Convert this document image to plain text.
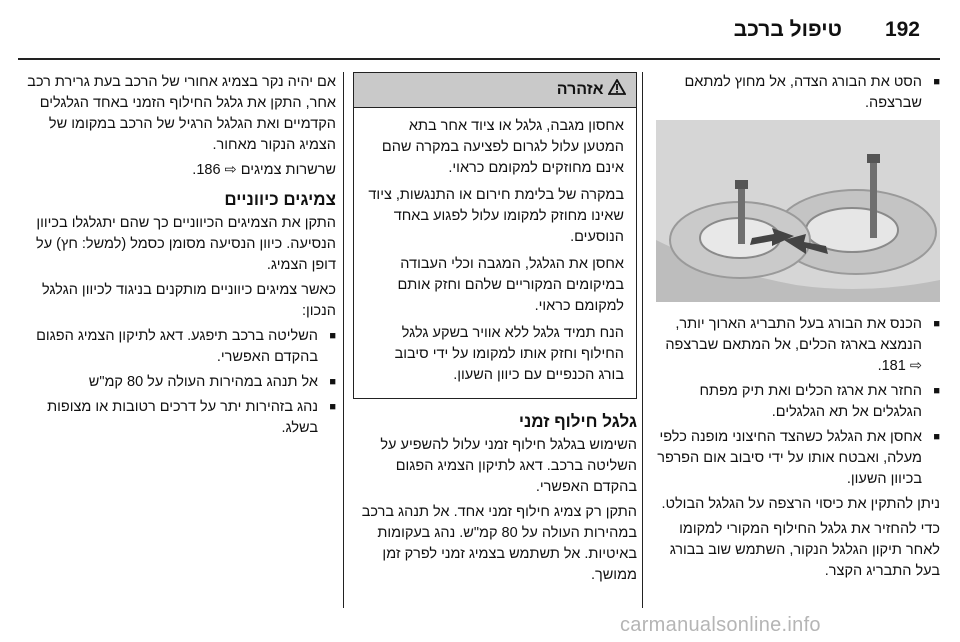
192
טיפול ברכב
■ הסט את הבורג הצדה, אל מחוץ למתאם שברצפה.
■ הכנס את הבורג בעל התבריג הארוך יותר, הנמצא בארגז הכלים, אל המתאם שברצפה ⇨ 181.
■ החזר את ארגז הכלים ואת תיק מפתח הגלגלים אל תא הגלגלים.
■ אחסן את הגלגל כשהצד החיצוני מופנה כלפי מעלה, ואבטח אותו על ידי סיבוב אום הפרפר בכיוון השעון.
ניתן להתקין את כיסוי הרצפה על הגלגל הבולט.
כדי להחזיר את גלגל החילוף המקורי למקומו לאחר תיקון הגלגל הנקור, השתמש שוב בבורג בעל התבריג הקצר.
אזהרה
אחסון מגבה, גלגל או ציוד אחר בתא המטען עלול לגרום לפציעה במקרה שהם אינם מחוזקים למקומם כראוי.
במקרה של בלימת חירום או התנגשות, ציוד שאינו מחוזק למקומו עלול לפגוע באחד הנוסעים.
אחסן את הגלגל, המגבה וכלי העבודה במיקומים המקוריים שלהם וחזק אותם למקומם כראוי.
הנח תמיד גלגל ללא אוויר בשקע גלגל החילוף וחזק אותו למקומו על ידי סיבוב בורג הכנפיים עם כיוון השעון.
גלגל חילוף זמני
השימוש בגלגל חילוף זמני עלול להשפיע על השליטה ברכב. דאג לתיקון הצמיג הפגום בהקדם האפשרי.
התקן רק צמיג חילוף זמני אחד. אל תנהג ברכב במהירות העולה על 80 קמ"ש. נהג בעקומות באיטיות. אל תשתמש בצמיג זמני לפרק זמן ממושך.
אם יהיה נקר בצמיג אחורי של הרכב בעת גרירת רכב אחר, התקן את גלגל החילוף הזמני באחד הגלגלים הקדמיים ואת הגלגל הרגיל של הרכב במקומו של הצמיג הנקור מאחור.
שרשרות צמיגים ⇨ 186.
צמיגים כיווניים
התקן את הצמיגים הכיווניים כך שהם יתגלגלו בכיוון הנסיעה. כיוון הנסיעה מסומן כסמל (למשל: חץ) על דופן הצמיג.
כאשר צמיגים כיווניים מותקנים בניגוד לכיוון הגלגל הנכון:
■ השליטה ברכב תיפגע. דאג לתיקון הצמיג הפגום בהקדם האפשרי.
■ אל תנהג במהירות העולה על 80 קמ"ש
■ נהג בזהירות יתר על דרכים רטובות או מצופות בשלג.
carmanualsonline.info
